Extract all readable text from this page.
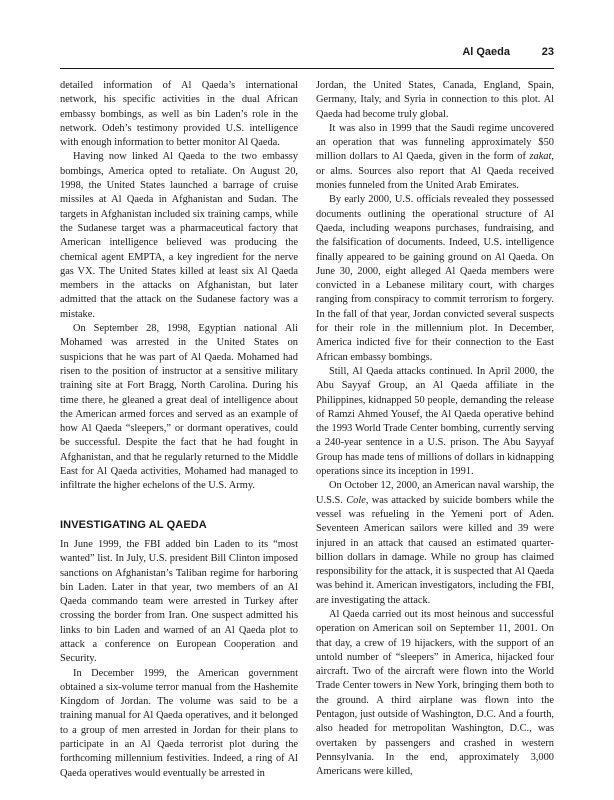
Al Qaeda	23

detailed information of Al Qaeda’s international network, his specific activities in the dual African embassy bombings, as well as bin Laden’s role in the network. Odeh’s testimony provided U.S. intelligence with enough information to better monitor Al Qaeda.

Having now linked Al Qaeda to the two embassy bombings, America opted to retaliate. On August 20, 1998, the United States launched a barrage of cruise missiles at Al Qaeda in Afghanistan and Sudan. The targets in Afghanistan included six training camps, while the Sudanese target was a pharmaceutical factory that American intelligence believed was producing the chemical agent EMPTA, a key ingredient for the nerve gas VX. The United States killed at least six Al Qaeda members in the attacks on Afghanistan, but later admitted that the attack on the Sudanese factory was a mistake.

On September 28, 1998, Egyptian national Ali Mohamed was arrested in the United States on suspicions that he was part of Al Qaeda. Mohamed had risen to the position of instructor at a sensitive military training site at Fort Bragg, North Carolina. During his time there, he gleaned a great deal of intelligence about the American armed forces and served as an example of how Al Qaeda “sleepers,” or dormant operatives, could be successful. Despite the fact that he had fought in Afghanistan, and that he regularly returned to the Middle East for Al Qaeda activities, Mohamed had managed to infiltrate the higher echelons of the U.S. Army.

INVESTIGATING AL QAEDA

In June 1999, the FBI added bin Laden to its “most wanted” list. In July, U.S. president Bill Clinton imposed sanctions on Afghanistan’s Taliban regime for harboring bin Laden. Later in that year, two members of an Al Qaeda commando team were arrested in Turkey after crossing the border from Iran. One suspect admitted his links to bin Laden and warned of an Al Qaeda plot to attack a conference on European Cooperation and Security.

In December 1999, the American government obtained a six-volume terror manual from the Hashemite Kingdom of Jordan. The volume was said to be a training manual for Al Qaeda operatives, and it belonged to a group of men arrested in Jordan for their plans to participate in an Al Qaeda terrorist plot during the forthcoming millennium festivities. Indeed, a ring of Al Qaeda operatives would eventually be arrested in

Jordan, the United States, Canada, England, Spain, Germany, Italy, and Syria in connection to this plot. Al Qaeda had become truly global.

It was also in 1999 that the Saudi regime uncovered an operation that was funneling approximately $50 million dollars to Al Qaeda, given in the form of zakat, or alms. Sources also report that Al Qaeda received monies funneled from the United Arab Emirates.

By early 2000, U.S. officials revealed they possessed documents outlining the operational structure of Al Qaeda, including weapons purchases, fundraising, and the falsification of documents. Indeed, U.S. intelligence finally appeared to be gaining ground on Al Qaeda. On June 30, 2000, eight alleged Al Qaeda members were convicted in a Lebanese military court, with charges ranging from conspiracy to commit terrorism to forgery. In the fall of that year, Jordan convicted several suspects for their role in the millennium plot. In December, America indicted five for their connection to the East African embassy bombings.

Still, Al Qaeda attacks continued. In April 2000, the Abu Sayyaf Group, an Al Qaeda affiliate in the Philippines, kidnapped 50 people, demanding the release of Ramzi Ahmed Yousef, the Al Qaeda operative behind the 1993 World Trade Center bombing, currently serving a 240-year sentence in a U.S. prison. The Abu Sayyaf Group has made tens of millions of dollars in kidnapping operations since its inception in 1991.

On October 12, 2000, an American naval warship, the U.S.S. Cole, was attacked by suicide bombers while the vessel was refueling in the Yemeni port of Aden. Seventeen American sailors were killed and 39 were injured in an attack that caused an estimated quarter-billion dollars in damage. While no group has claimed responsibility for the attack, it is suspected that Al Qaeda was behind it. American investigators, including the FBI, are investigating the attack.

Al Qaeda carried out its most heinous and successful operation on American soil on September 11, 2001. On that day, a crew of 19 hijackers, with the support of an untold number of “sleepers” in America, hijacked four aircraft. Two of the aircraft were flown into the World Trade Center towers in New York, bringing them both to the ground. A third airplane was flown into the Pentagon, just outside of Washington, D.C. And a fourth, also headed for metropolitan Washington, D.C., was overtaken by passengers and crashed in western Pennsylvania. In the end, approximately 3,000 Americans were killed,
